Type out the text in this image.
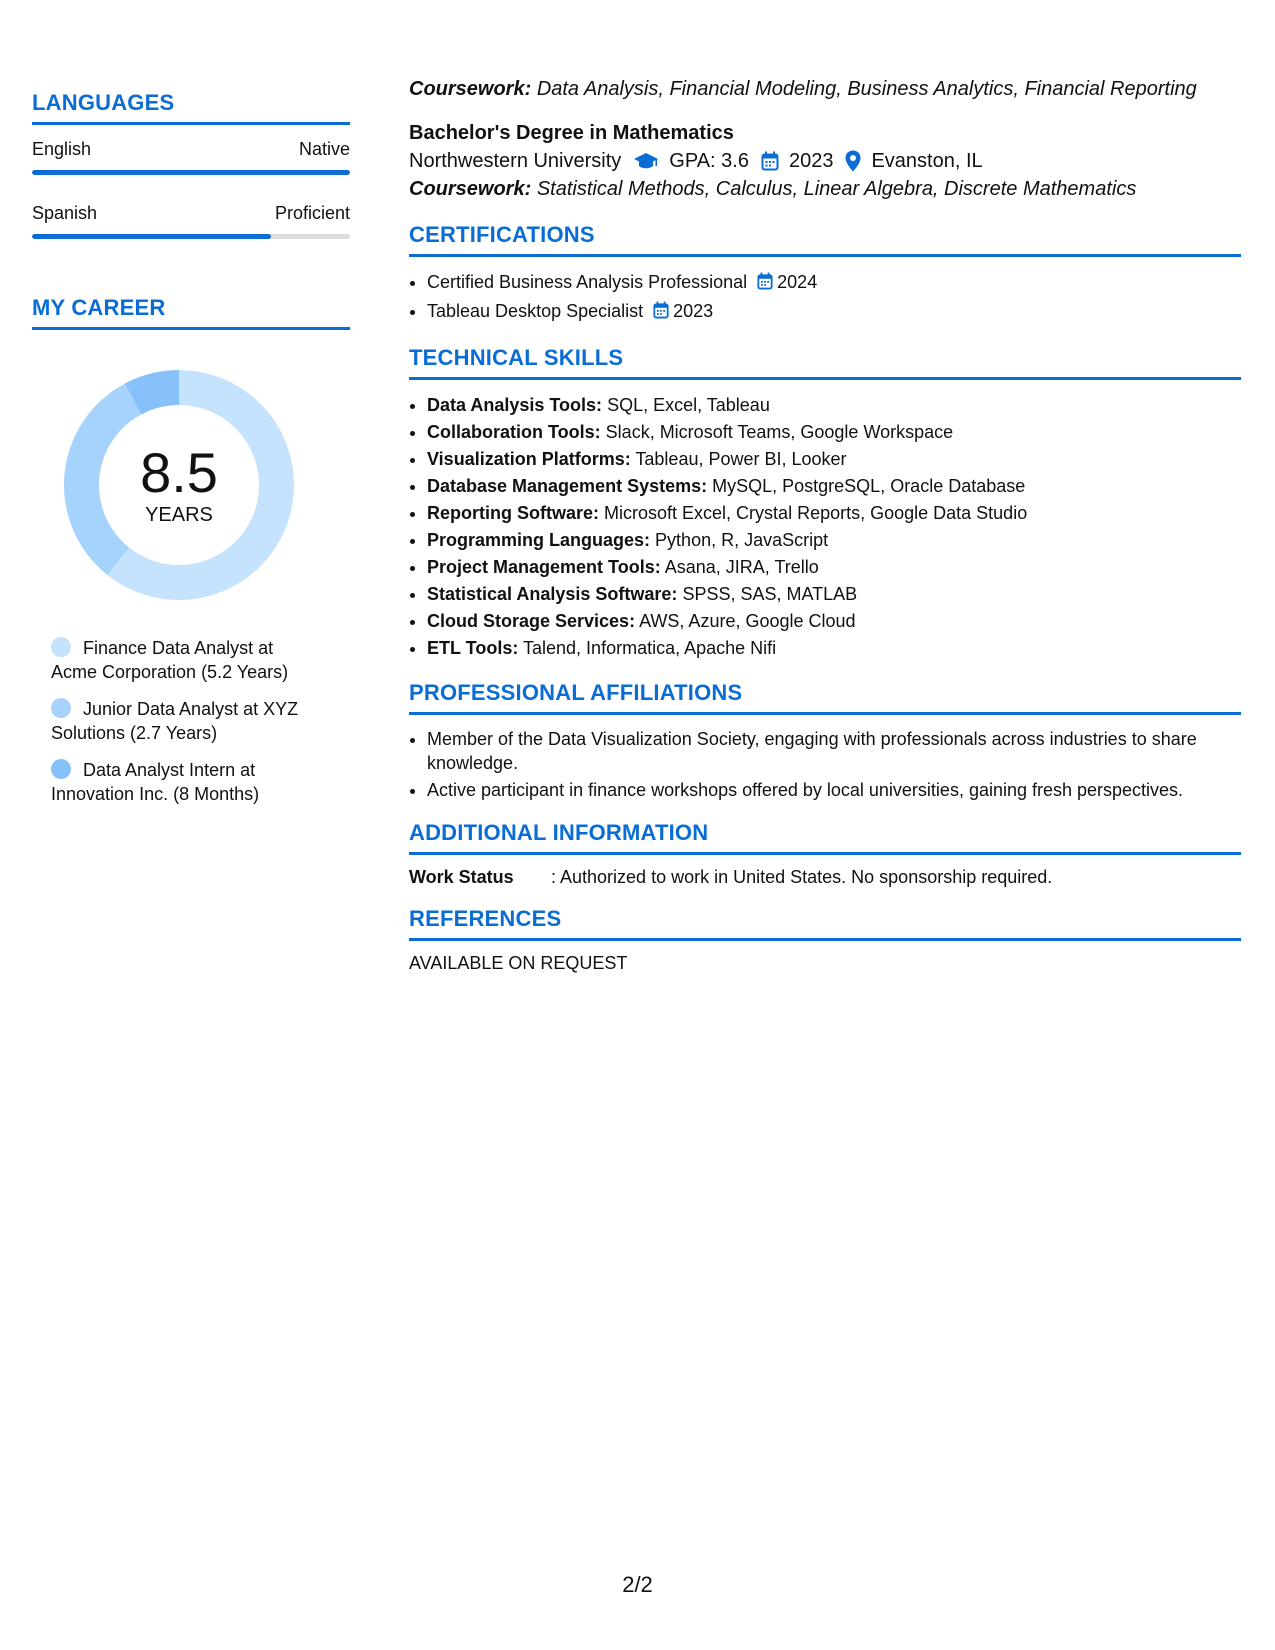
LANGUAGES
English	Native
Spanish	Proficient
MY CAREER
8.5
YEARS
Finance Data Analyst at Acme Corporation (5.2 Years)
Junior Data Analyst at XYZ Solutions (2.7 Years)
Data Analyst Intern at Innovation Inc. (8 Months)

Coursework: Data Analysis, Financial Modeling, Business Analytics, Financial Reporting

Bachelor's Degree in Mathematics
Northwestern University GPA: 3.6 2023 Evanston, IL

Coursework: Statistical Methods, Calculus, Linear Algebra, Discrete Mathematics

CERTIFICATIONS
• Certified Business Analysis Professional 2024
• Tableau Desktop Specialist 2023
TECHNICAL SKILLS
• Data Analysis Tools: SQL, Excel, Tableau
• Collaboration Tools: Slack, Microsoft Teams, Google Workspace
• Visualization Platforms: Tableau, Power BI, Looker
• Database Management Systems: MySQL, PostgreSQL, Oracle Database
• Reporting Software: Microsoft Excel, Crystal Reports, Google Data Studio
• Programming Languages: Python, R, JavaScript
• Project Management Tools: Asana, JIRA, Trello
• Statistical Analysis Software: SPSS, SAS, MATLAB
• Cloud Storage Services: AWS, Azure, Google Cloud
• ETL Tools: Talend, Informatica, Apache Nifi
PROFESSIONAL AFFILIATIONS
• Member of the Data Visualization Society, engaging with professionals across industries to share knowledge.
• Active participant in finance workshops offered by local universities, gaining fresh perspectives.
ADDITIONAL INFORMATION
Work Status	: Authorized to work in United States. No sponsorship required.
REFERENCES
AVAILABLE ON REQUEST
2/2
